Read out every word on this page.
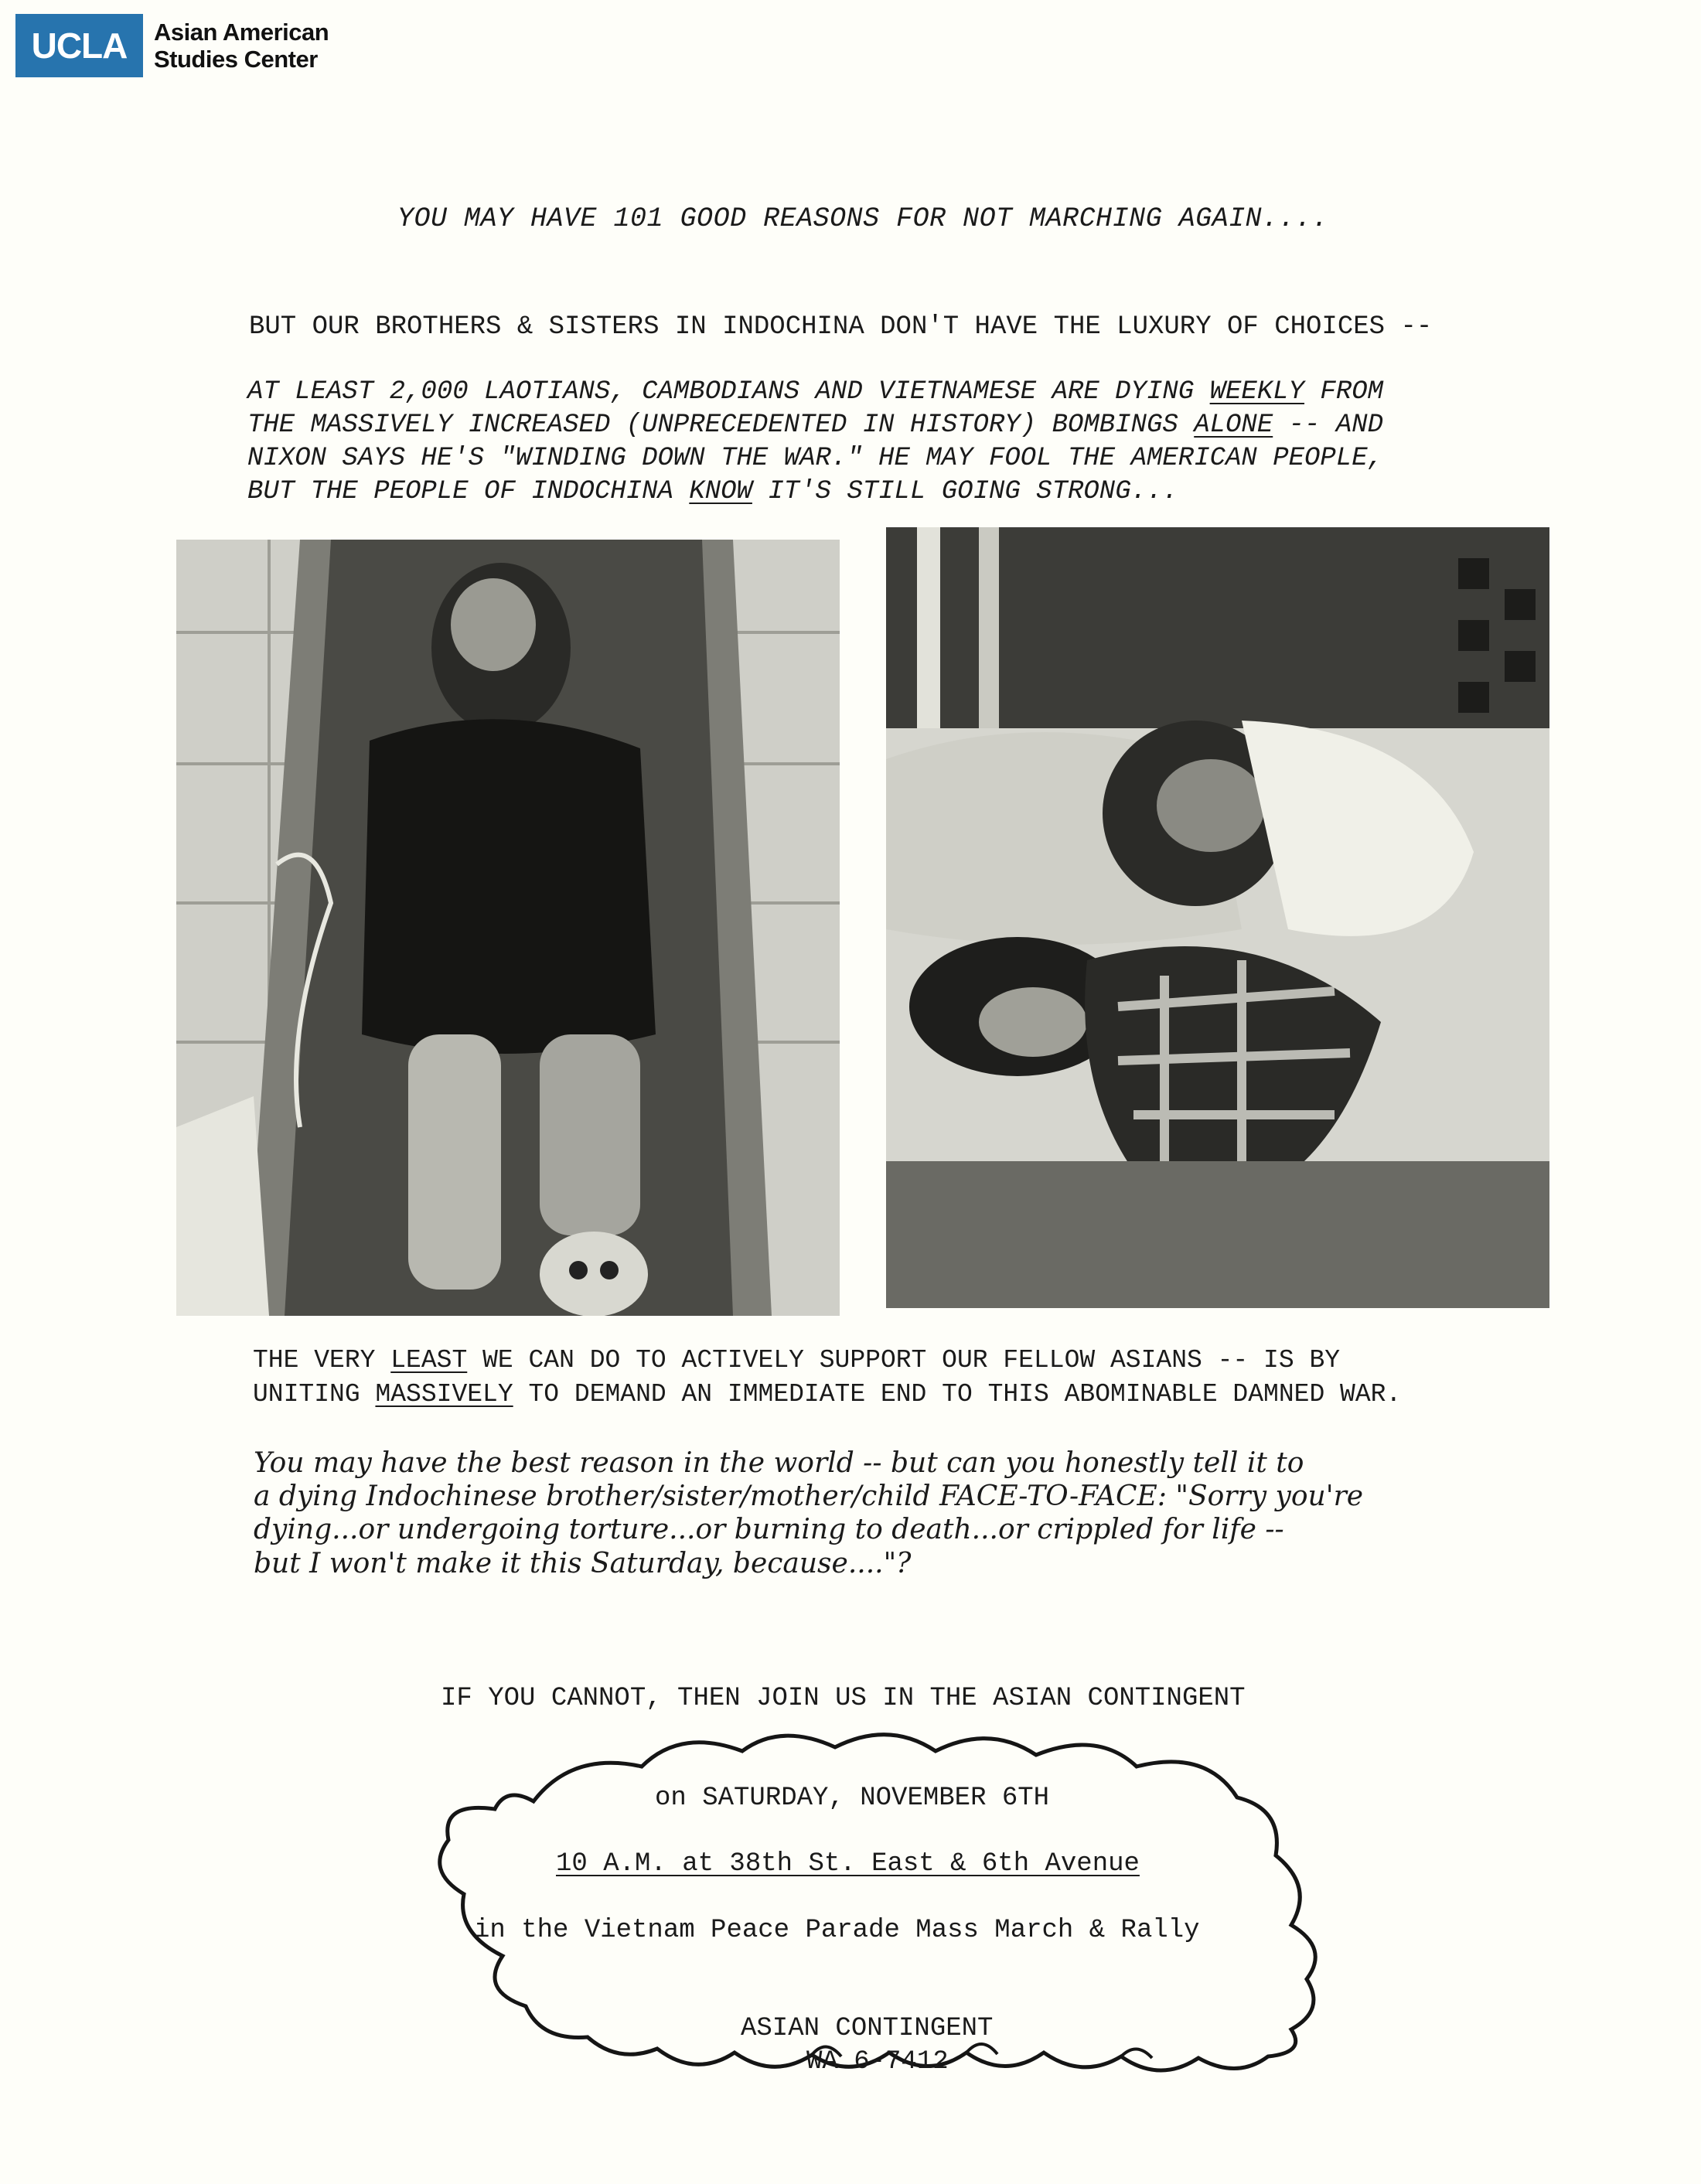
UCLA	Asian American
Studies Center
YOU MAY HAVE 101 GOOD REASONS FOR NOT MARCHING AGAIN....
BUT OUR BROTHERS & SISTERS IN INDOCHINA DON'T HAVE THE LUXURY OF CHOICES --
AT LEAST 2,000 LAOTIANS, CAMBODIANS AND VIETNAMESE ARE DYING WEEKLY FROM
THE MASSIVELY INCREASED (UNPRECEDENTED IN HISTORY) BOMBINGS ALONE -- AND
NIXON SAYS HE'S "WINDING DOWN THE WAR." HE MAY FOOL THE AMERICAN PEOPLE,
BUT THE PEOPLE OF INDOCHINA KNOW IT'S STILL GOING STRONG...
THE VERY LEAST WE CAN DO TO ACTIVELY SUPPORT OUR FELLOW ASIANS -- IS BY
UNITING MASSIVELY TO DEMAND AN IMMEDIATE END TO THIS ABOMINABLE DAMNED WAR.
You may have the best reason in the world -- but can you honestly tell it to
a dying Indochinese brother/sister/mother/child FACE-TO-FACE: "Sorry you're
dying...or undergoing torture...or burning to death...or crippled for life --
but I won't make it this Saturday, because...."?
IF YOU CANNOT, THEN JOIN US IN THE ASIAN CONTINGENT
on SATURDAY, NOVEMBER 6TH
10 A.M. at 38th St. East & 6th Avenue
in the Vietnam Peace Parade Mass March & Rally
ASIAN CONTINGENT
WA 6-7412
